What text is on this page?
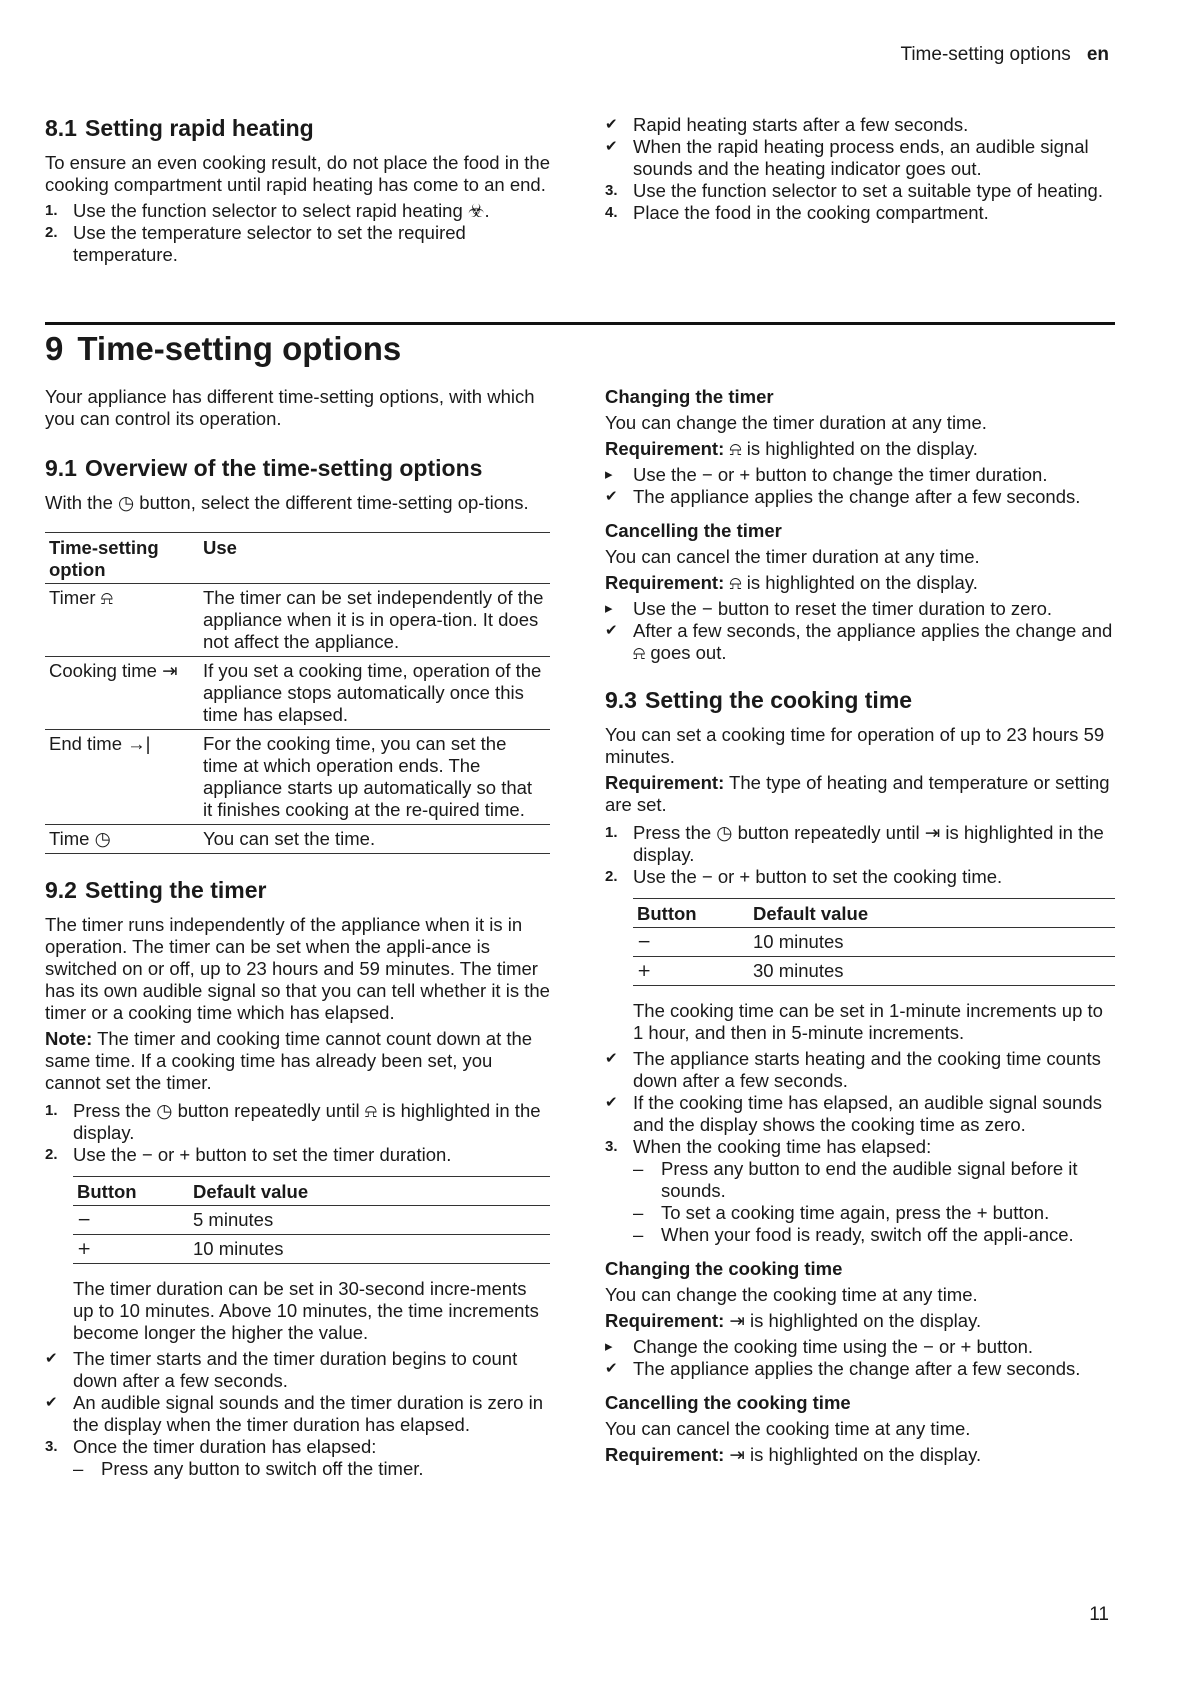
Time-setting options en
8.1 Setting rapid heating

To ensure an even cooking result, do not place the food in the cooking compartment until rapid heating has come to an end.

1. Use the function selector to select rapid heating ☣.
2. Use the temperature selector to set the required temperature.
✔ Rapid heating starts after a few seconds.
✔ When the rapid heating process ends, an audible signal sounds and the heating indicator goes out.
3. Use the function selector to set a suitable type of heating.
4. Place the food in the cooking compartment.
9 Time-setting options

Your appliance has different time-setting options, with which you can control its operation.

9.1 Overview of the time-setting options

With the ◷ button, select the different time-setting op-tions.

Time-setting option	Use
Timer ⍾	The timer can be set independently of the appliance when it is in opera-tion. It does not affect the appliance.
Cooking time ⇥	If you set a cooking time, operation of the appliance stops automatically once this time has elapsed.
End time →|	For the cooking time, you can set the time at which operation ends. The appliance starts up automatically so that it finishes cooking at the re-quired time.
Time ◷	You can set the time.
9.2 Setting the timer

The timer runs independently of the appliance when it is in operation. The timer can be set when the appli-ance is switched on or off, up to 23 hours and 59 minutes. The timer has its own audible signal so that you can tell whether it is the timer or a cooking time which has elapsed.

Note: The timer and cooking time cannot count down at the same time. If a cooking time has already been set, you cannot set the timer.

1. Press the ◷ button repeatedly until ⍾ is highlighted in the display.
2. Use the − or + button to set the timer duration.
Button	Default value
−	5 minutes
+	10 minutes

The timer duration can be set in 30-second incre-ments up to 10 minutes. Above 10 minutes, the time increments become longer the higher the value.

✔ The timer starts and the timer duration begins to count down after a few seconds.
✔ An audible signal sounds and the timer duration is zero in the display when the timer duration has elapsed.
3. Once the timer duration has elapsed:
– Press any button to switch off the timer.
Changing the timer

You can change the timer duration at any time.

Requirement: ⍾ is highlighted on the display.

▸	Use the − or + button to change the timer duration.
✔ The appliance applies the change after a few seconds.
Cancelling the timer

You can cancel the timer duration at any time.

Requirement: ⍾ is highlighted on the display.

▸	Use the − button to reset the timer duration to zero.
✔ After a few seconds, the appliance applies the change and ⍾ goes out.
9.3 Setting the cooking time

You can set a cooking time for operation of up to 23 hours 59 minutes.

Requirement: The type of heating and temperature or setting are set.

1. Press the ◷ button repeatedly until ⇥ is highlighted in the display.
2. Use the − or + button to set the cooking time.
Button	Default value
−	10 minutes
+	30 minutes

The cooking time can be set in 1-minute increments up to 1 hour, and then in 5-minute increments.

✔ The appliance starts heating and the cooking time counts down after a few seconds.
✔ If the cooking time has elapsed, an audible signal sounds and the display shows the cooking time as zero.
3. When the cooking time has elapsed:
– Press any button to end the audible signal before it sounds.
– To set a cooking time again, press the + button.
– When your food is ready, switch off the appli-ance.
Changing the cooking time

You can change the cooking time at any time.

Requirement: ⇥ is highlighted on the display.

▸	Change the cooking time using the − or + button.
✔ The appliance applies the change after a few seconds.
Cancelling the cooking time

You can cancel the cooking time at any time.

Requirement: ⇥ is highlighted on the display.

11
